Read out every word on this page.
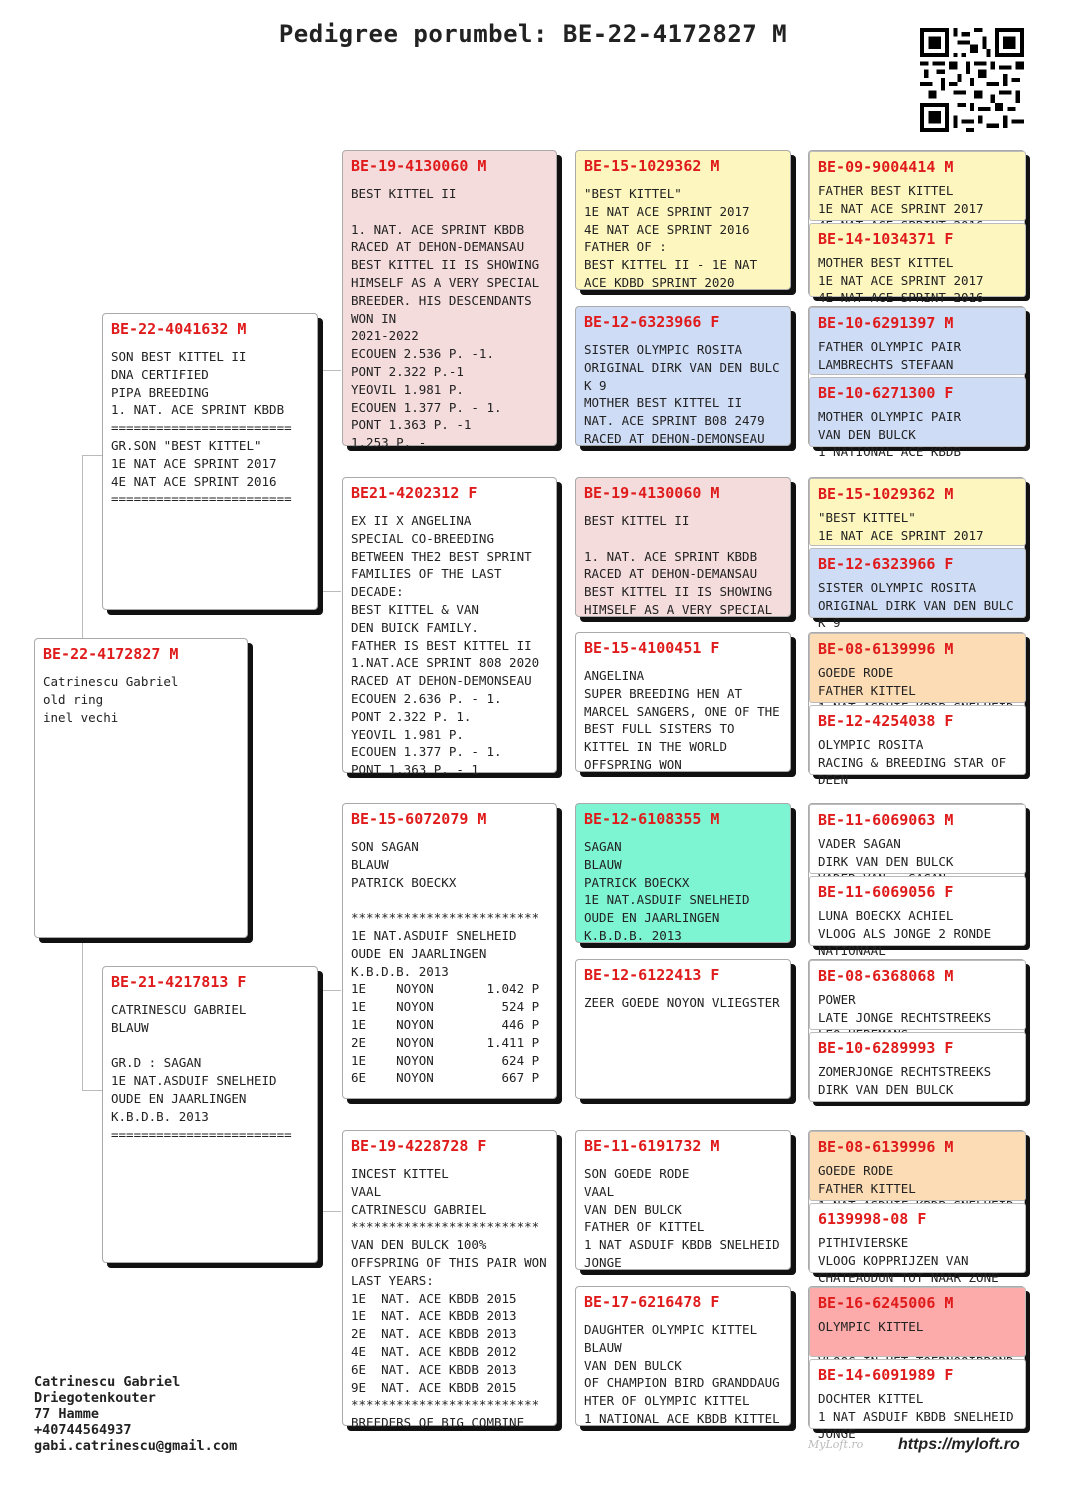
Pedigree porumbel: BE-22-4172827 M
BE-22-4172827 M
Catrinescu Gabriel
old ring
inel vechi
BE-22-4041632 M
SON BEST KITTEL II
DNA CERTIFIED
PIPA BREEDING
1. NAT. ACE SPRINT KBDB
========================
GR.SON "BEST KITTEL"
1E NAT ACE SPRINT 2017
4E NAT ACE SPRINT 2016
========================
BE-21-4217813 F
CATRINESCU GABRIEL
BLAUW

GR.D : SAGAN
1E NAT.ASDUIF SNELHEID
OUDE EN JAARLINGEN
K.B.D.B. 2013
========================
BE-19-4130060 M
BEST KITTEL II

1. NAT. ACE SPRINT KBDB
RACED AT DEHON-DEMANSAU
BEST KITTEL II IS SHOWING
HIMSELF AS A VERY SPECIAL
BREEDER. HIS DESCENDANTS
WON IN
2021-2022
ECOUEN 2.536 P. -1.
PONT 2.322 P.-1
YEOVIL 1.981 P.
ECOUEN 1.377 P. - 1.
PONT 1.363 P. -1
1.253 P. -
BE21-4202312 F
EX II X ANGELINA
SPECIAL CO-BREEDING
BETWEEN THE2 BEST SPRINT
FAMILIES OF THE LAST
DECADE:
BEST KITTEL & VAN
DEN BUICK FAMILY.
FATHER IS BEST KITTEL II
1.NAT.ACE SPRINT 808 2020
RACED AT DEHON-DEMONSEAU
ECOUEN 2.636 P. - 1.
PONT 2.322 P. 1.
YEOVIL 1.981 P.
ECOUEN 1.377 P. - 1.
PONT 1.363 P. - 1
BE-15-6072079 M
SON SAGAN
BLAUW
PATRICK BOECKX

*************************
1E NAT.ASDUIF SNELHEID
OUDE EN JAARLINGEN
K.B.D.B. 2013
1E    NOYON       1.042 P
1E    NOYON         524 P
1E    NOYON         446 P
2E    NOYON       1.411 P
1E    NOYON         624 P
6E    NOYON         667 P
BE-19-4228728 F
INCEST KITTEL
VAAL
CATRINESCU GABRIEL
*************************
VAN DEN BULCK 100%
OFFSPRING OF THIS PAIR WON
LAST YEARS:
1E  NAT. ACE KBDB 2015
1E  NAT. ACE KBDB 2013
2E  NAT. ACE KBDB 2013
4E  NAT. ACE KBDB 2012
6E  NAT. ACE KBDB 2013
9E  NAT. ACE KBDB 2015
*************************
BREEDERS OF BIG COMBINE
BE-15-1029362 M
"BEST KITTEL"
1E NAT ACE SPRINT 2017
4E NAT ACE SPRINT 2016
FATHER OF :
BEST KITTEL II - 1E NAT
ACE KDBD SPRINT 2020
BE-12-6323966 F
SISTER OLYMPIC ROSITA
ORIGINAL DIRK VAN DEN BULC
K 9
MOTHER BEST KITTEL II
NAT. ACE SPRINT B08 2479
RACED AT DEHON-DEMONSEAU
BE-19-4130060 M
BEST KITTEL II

1. NAT. ACE SPRINT KBDB
RACED AT DEHON-DEMANSAU
BEST KITTEL II IS SHOWING
HIMSELF AS A VERY SPECIAL
BE-15-4100451 F
ANGELINA
SUPER BREEDING HEN AT
MARCEL SANGERS, ONE OF THE
BEST FULL SISTERS TO
KITTEL IN THE WORLD
OFFSPRING WON
BE-12-6108355 M
SAGAN
BLAUW
PATRICK BOECKX
1E NAT.ASDUIF SNELHEID
OUDE EN JAARLINGEN
K.B.D.B. 2013
BE-12-6122413 F
ZEER GOEDE NOYON VLIEGSTER
BE-11-6191732 M
SON GOEDE RODE
VAAL
VAN DEN BULCK
FATHER OF KITTEL
1 NAT ASDUIF KBDB SNELHEID
JONGE
BE-17-6216478 F
DAUGHTER OLYMPIC KITTEL
BLAUW
VAN DEN BULCK
OF CHAMPION BIRD GRANDDAUG
HTER OF OLYMPIC KITTEL
1 NATIONAL ACE KBDB KITTEL
BE-09-9004414 M
FATHER BEST KITTEL
1E NAT ACE SPRINT 2017

BE-14-1034371 F
MOTHER BEST KITTEL
1E NAT ACE SPRINT 2017
4E NAT ACE SPRINT 2016
BE-10-6291397 M
FATHER OLYMPIC PAIR
LAMBRECHTS STEFAAN
BE-10-6271300 F
MOTHER OLYMPIC PAIR
VAN DEN BULCK
1 NATIONAL ACE KBDB
BE-15-1029362 M
"BEST KITTEL"
1E NAT ACE SPRINT 2017

BE-12-6323966 F
SISTER OLYMPIC ROSITA
ORIGINAL DIRK VAN DEN BULC
K 9
BE-08-6139996 M
GOEDE RODE
FATHER KITTEL

BE-12-4254038 F
OLYMPIC ROSITA
RACING & BREEDING STAR OF
DEEN
BE-11-6069063 M
VADER SAGAN
DIRK VAN DEN BULCK

BE-11-6069056 F
LUNA BOECKX ACHIEL
VLOOG ALS JONGE 2 RONDE
NATIONAAL
BE-08-6368068 M
POWER
LATE JONGE RECHTSTREEKS

BE-10-6289993 F
ZOMERJONGE RECHTSTREEKS
DIRK VAN DEN BULCK
BE-08-6139996 M
GOEDE RODE
FATHER KITTEL

6139998-08 F
PITHIVIERSKE
VLOOG KOPPRIJZEN VAN
CHATEAUDUN TOT NAAR ZONE
BE-16-6245006 M
OLYMPIC KITTEL

BE-14-6091989 F
DOCHTER KITTEL
1 NAT ASDUIF KBDB SNELHEID
JONGE
Catrinescu Gabriel
Driegotenkouter
77 Hamme
+40744564937
gabi.catrinescu@gmail.com	MyLoft.ro https://myloft.ro
